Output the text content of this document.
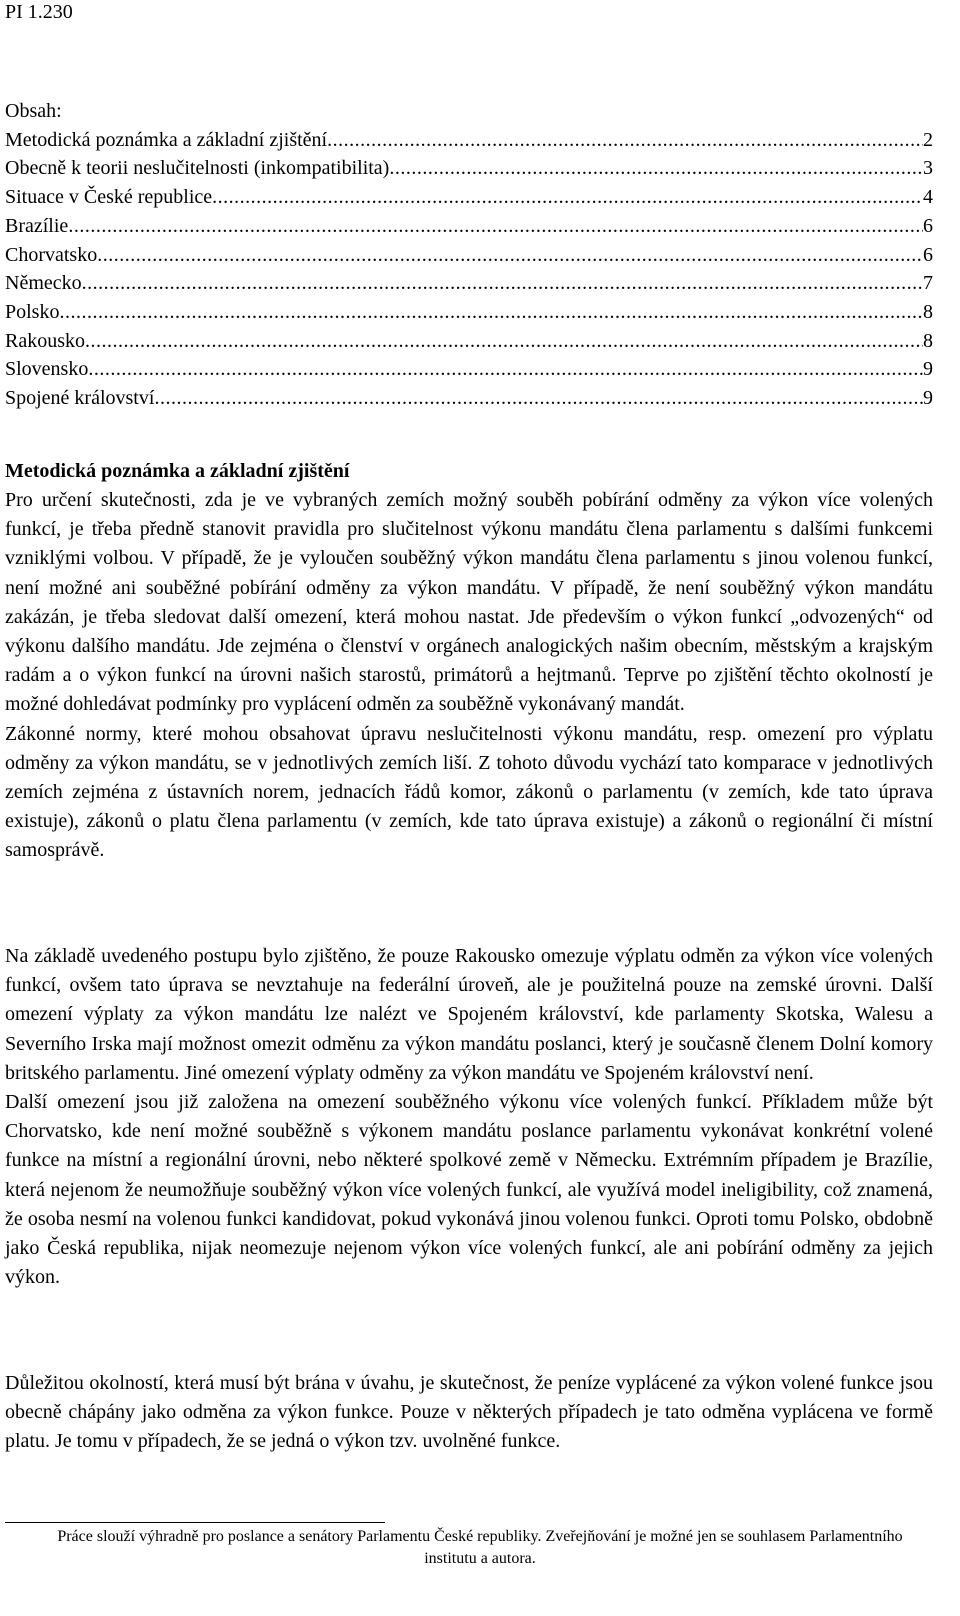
PI 1.230
Obsah:
Metodická poznámka a základní zjištění .....	2
Obecně k teorii neslučitelnosti (inkompatibilita) .....	3
Situace v České republice .....	4
Brazílie .....	6
Chorvatsko .....	6
Německo .....	7
Polsko .....	8
Rakousko .....	8
Slovensko .....	9
Spojené království .....	9
Metodická poznámka a základní zjištění

Pro určení skutečnosti, zda je ve vybraných zemích možný souběh pobírání odměny za výkon více volených funkcí, je třeba předně stanovit pravidla pro slučitelnost výkonu mandátu člena parlamentu s dalšími funkcemi vzniklými volbou. V případě, že je vyloučen souběžný výkon mandátu člena parlamentu s jinou volenou funkcí, není možné ani souběžné pobírání odměny za výkon mandátu. V případě, že není souběžný výkon mandátu zakázán, je třeba sledovat další omezení, která mohou nastat. Jde především o výkon funkcí „odvozených“ od výkonu dalšího mandátu. Jde zejména o členství v orgánech analogických našim obecním, městským a krajským radám a o výkon funkcí na úrovni našich starostů, primátorů a hejtmanů. Teprve po zjištění těchto okolností je možné dohledávat podmínky pro vyplácení odměn za souběžně vykonávaný mandát.

Zákonné normy, které mohou obsahovat úpravu neslučitelnosti výkonu mandátu, resp. omezení pro výplatu odměny za výkon mandátu, se v jednotlivých zemích liší. Z tohoto důvodu vychází tato komparace v jednotlivých zemích zejména z ústavních norem, jednacích řádů komor, zákonů o parlamentu (v zemích, kde tato úprava existuje), zákonů o platu člena parlamentu (v zemích, kde tato úprava existuje) a zákonů o regionální či místní samosprávě.

Na základě uvedeného postupu bylo zjištěno, že pouze Rakousko omezuje výplatu odměn za výkon více volených funkcí, ovšem tato úprava se nevztahuje na federální úroveň, ale je použitelná pouze na zemské úrovni. Další omezení výplaty za výkon mandátu lze nalézt ve Spojeném království, kde parlamenty Skotska, Walesu a Severního Irska mají možnost omezit odměnu za výkon mandátu poslanci, který je současně členem Dolní komory britského parlamentu. Jiné omezení výplaty odměny za výkon mandátu ve Spojeném království není.

Další omezení jsou již založena na omezení souběžného výkonu více volených funkcí. Příkladem může být Chorvatsko, kde není možné souběžně s výkonem mandátu poslance parlamentu vykonávat konkrétní volené funkce na místní a regionální úrovni, nebo některé spolkové země v Německu. Extrémním případem je Brazílie, která nejenom že neumožňuje souběžný výkon více volených funkcí, ale využívá model ineligibility, což znamená, že osoba nesmí na volenou funkci kandidovat, pokud vykonává jinou volenou funkci. Oproti tomu Polsko, obdobně jako Česká republika, nijak neomezuje nejenom výkon více volených funkcí, ale ani pobírání odměny za jejich výkon.

Důležitou okolností, která musí být brána v úvahu, je skutečnost, že peníze vyplácené za výkon volené funkce jsou obecně chápány jako odměna za výkon funkce. Pouze v některých případech je tato odměna vyplácena ve formě platu. Je tomu v případech, že se jedná o výkon tzv. uvolněné funkce.

Práce slouží výhradně pro poslance a senátory Parlamentu České republiky. Zveřejňování je možné jen se souhlasem Parlamentního institutu a autora.
